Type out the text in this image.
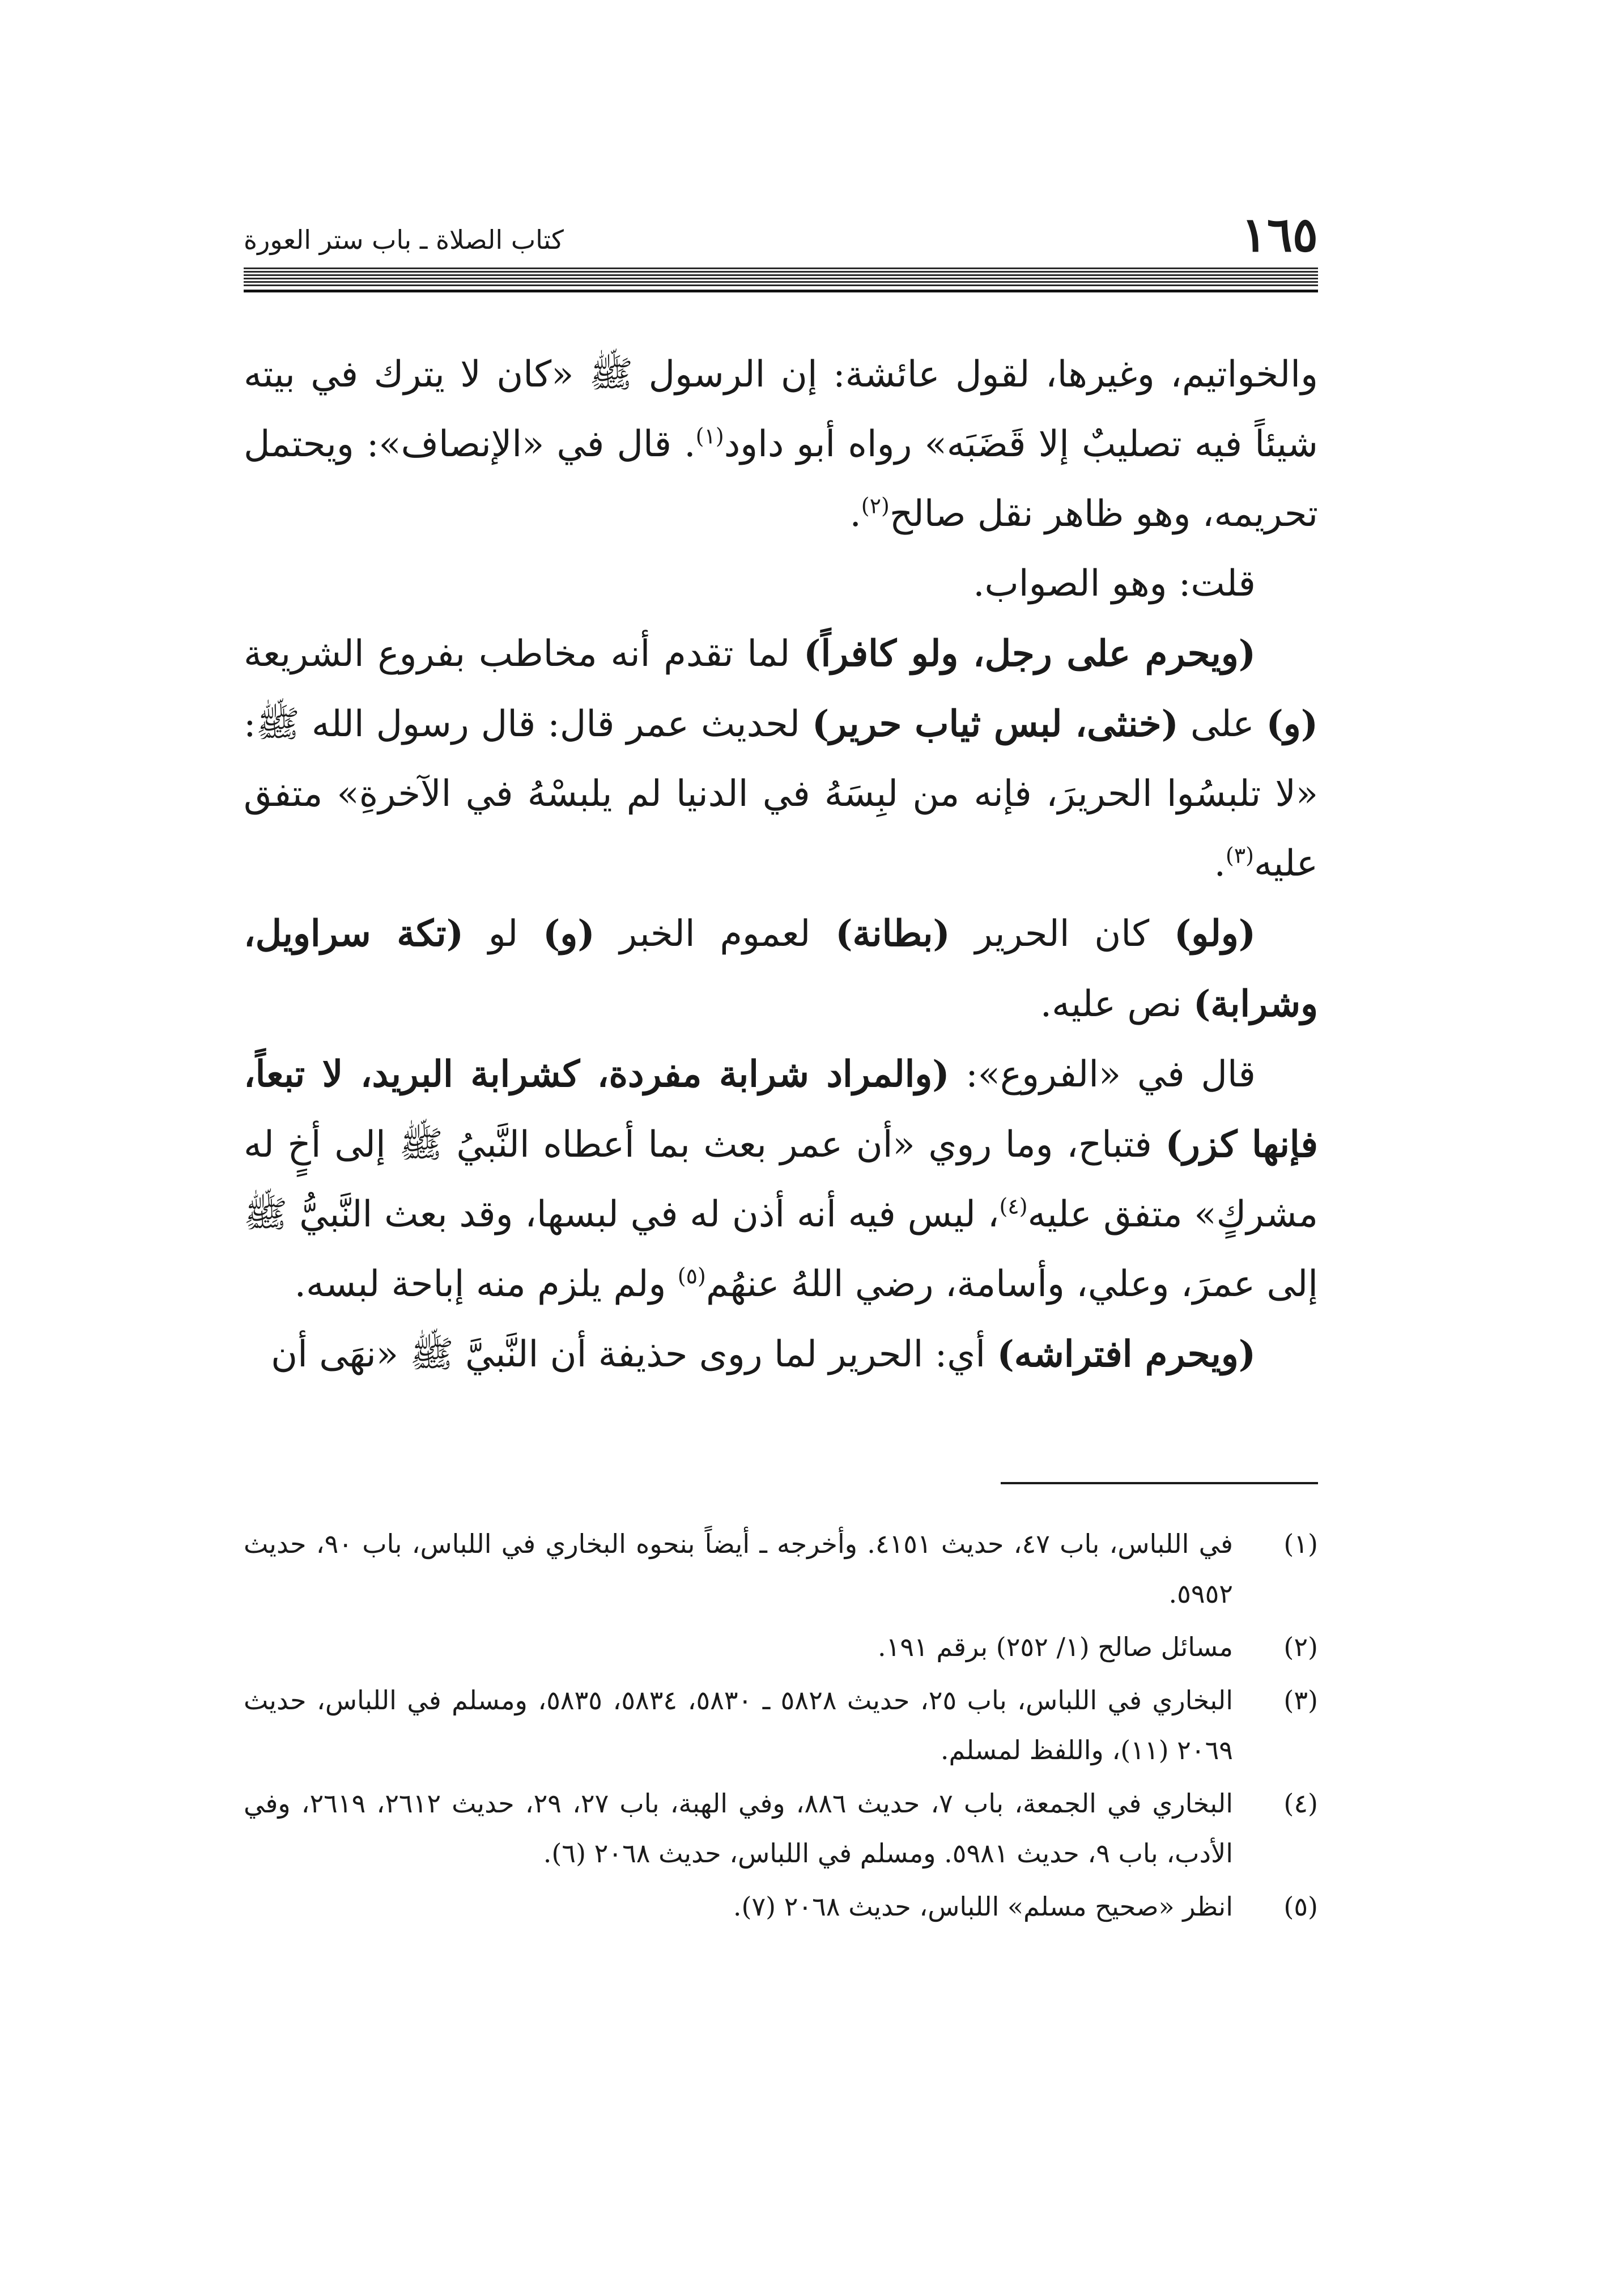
١٦٥
كتاب الصلاة ـ باب ستر العورة

والخواتيم، وغيرها، لقول عائشة: إن الرسول ﷺ «كان لا يترك في بيته شيئاً فيه تصليبٌ إلا قَضَبَه» رواه أبو داود$^{(١)}$. قال في «الإنصاف»: ويحتمل تحريمه، وهو ظاهر نقل صالح$^{(٢)}$.

قلت: وهو الصواب.

(ويحرم على رجل، ولو كافراً) لما تقدم أنه مخاطب بفروع الشريعة (و) على (خنثى، لبس ثياب حرير) لحديث عمر قال: قال رسول الله ﷺ: «لا تلبسُوا الحريرَ، فإنه من لبِسَهُ في الدنيا لم يلبسْهُ في الآخرةِ» متفق عليه$^{(٣)}$.

(ولو) كان الحرير (بطانة) لعموم الخبر (و) لو (تكة سراويل، وشرابة) نص عليه.

قال في «الفروع»: (والمراد شرابة مفردة، كشرابة البريد، لا تبعاً، فإنها كزر) فتباح، وما روي «أن عمر بعث بما أعطاه النَّبيُ ﷺ إلى أخٍ له مشركٍ» متفق عليه$^{(٤)}$، ليس فيه أنه أذن له في لبسها، وقد بعث النَّبيُّ ﷺ إلى عمرَ، وعلي، وأسامة، رضي اللهُ عنهُم$^{(٥)}$ ولم يلزم منه إباحة لبسه.

(ويحرم افتراشه) أي: الحرير لما روى حذيفة أن النَّبيَّ ﷺ «نهَى أن

(١)
في اللباس، باب ٤٧، حديث ٤١٥١. وأخرجه ـ أيضاً بنحوه البخاري في اللباس، باب ٩٠، حديث ٥٩٥٢.
(٢)
مسائل صالح (١/ ٢٥٢) برقم ١٩١.
(٣)
البخاري في اللباس، باب ٢٥، حديث ٥٨٢٨ ـ ٥٨٣٠، ٥٨٣٤، ٥٨٣٥، ومسلم في اللباس، حديث ٢٠٦٩ (١١)، واللفظ لمسلم.
(٤)
البخاري في الجمعة، باب ٧، حديث ٨٨٦، وفي الهبة، باب ٢٧، ٢٩، حديث ٢٦١٢، ٢٦١٩، وفي الأدب، باب ٩، حديث ٥٩٨١. ومسلم في اللباس، حديث ٢٠٦٨ (٦).
(٥)
انظر «صحيح مسلم» اللباس، حديث ٢٠٦٨ (٧).
